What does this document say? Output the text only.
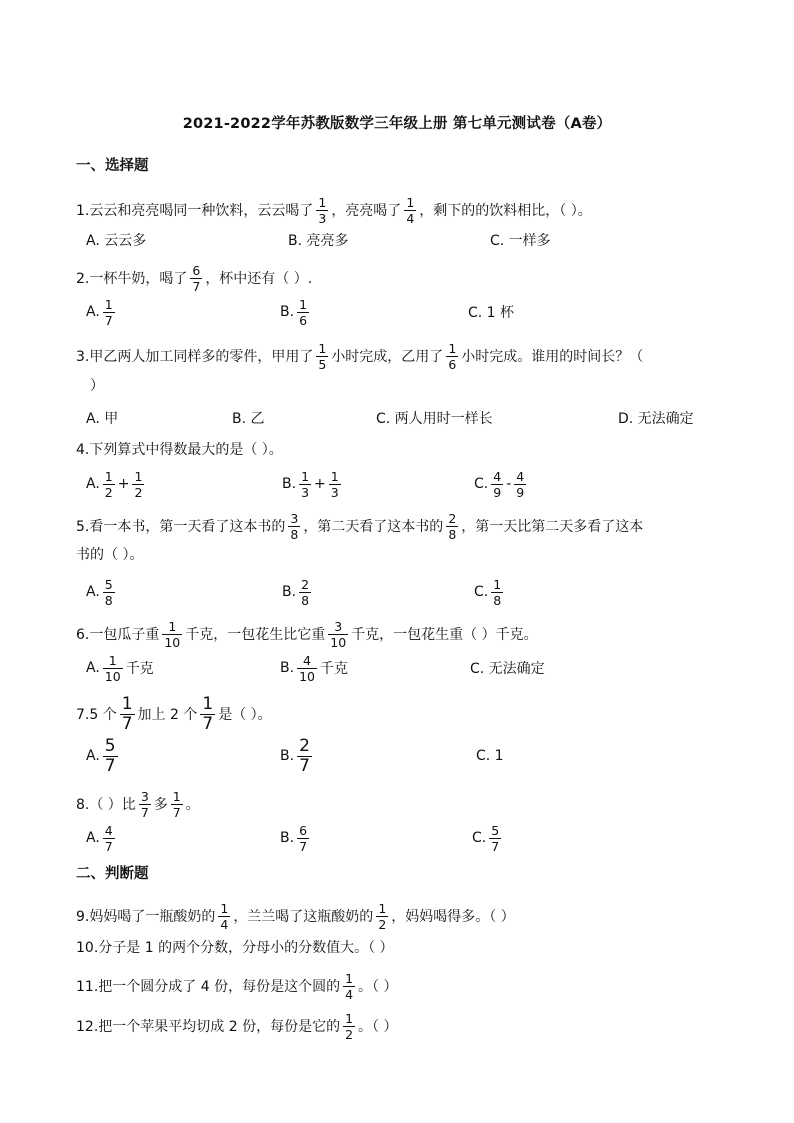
2021-2022学年苏教版数学三年级上册 第七单元测试卷（A卷）
一、选择题
1.云云和亮亮喝同一种饮料，云云喝了 $\frac{1}{3}$ ，亮亮喝了 $\frac{1}{4}$ ，剩下的的饮料相比，（ ）。
A. 云云多	B. 亮亮多	C. 一样多
2.一杯牛奶，喝了 $\frac{6}{7}$ ，杯中还有（ ）.
A. $\frac{1}{7}$	B. $\frac{1}{6}$	C. 1 杯
3.甲乙两人加工同样多的零件，甲用了 $\frac{1}{5}$ 小时完成，乙用了 $\frac{1}{6}$ 小时完成。谁用的时间长？（
）
A. 甲	B. 乙	C. 两人用时一样长	D. 无法确定
4.下列算式中得数最大的是（ ）。
A. $\frac{1}{2} + \frac{1}{2}$	B. $\frac{1}{3} + \frac{1}{3}$	C. $\frac{4}{9} - \frac{4}{9}$
5.看一本书，第一天看了这本书的 $\frac{3}{8}$ ，第二天看了这本书的 $\frac{2}{8}$ ，第一天比第二天多看了这本
书的（ ）。
A. $\frac{5}{8}$	B. $\frac{2}{8}$	C. $\frac{1}{8}$
6.一包瓜子重 $\frac{1}{10}$ 千克，一包花生比它重 $\frac{3}{10}$ 千克，一包花生重（ ）千克。
A. $\frac{1}{10}$ 千克	B. $\frac{4}{10}$ 千克	C. 无法确定
7.5 个 $\frac{1}{7}$ 加上 2 个 $\frac{1}{7}$ 是（ ）。
A. $\frac{5}{7}$	B. $\frac{2}{7}$	C. 1
8.（ ）比 $\frac{3}{7}$ 多 $\frac{1}{7}$ 。
A. $\frac{4}{7}$	B. $\frac{6}{7}$	C. $\frac{5}{7}$
二、判断题
9.妈妈喝了一瓶酸奶的 $\frac{1}{4}$ ，兰兰喝了这瓶酸奶的 $\frac{1}{2}$ ，妈妈喝得多。（ ）
10.分子是 1 的两个分数，分母小的分数值大。（ ）
11.把一个圆分成了 4 份，每份是这个圆的 $\frac{1}{4}$ 。（ ）
12.把一个苹果平均切成 2 份，每份是它的 $\frac{1}{2}$ 。（ ）
